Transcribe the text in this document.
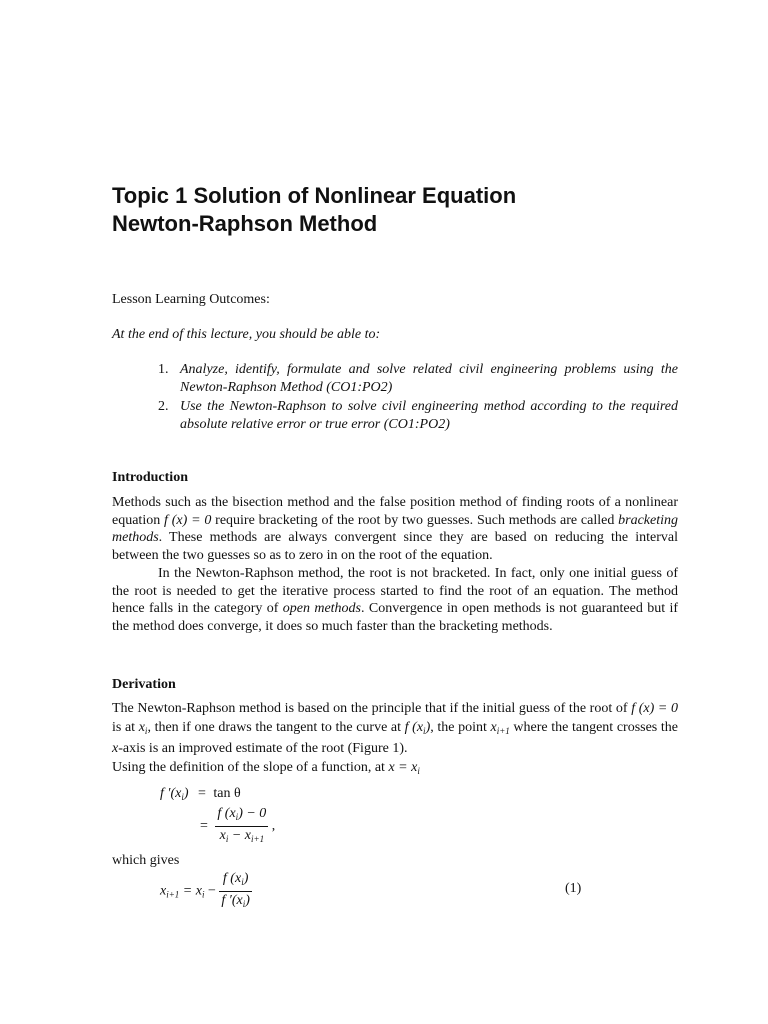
Topic 1 Solution of Nonlinear Equation
Newton-Raphson Method
Lesson Learning Outcomes:
At the end of this lecture, you should be able to:
1. Analyze, identify, formulate and solve related civil engineering problems using the Newton-Raphson Method (CO1:PO2)
2. Use the Newton-Raphson to solve civil engineering method according to the required absolute relative error or true error (CO1:PO2)
Introduction

Methods such as the bisection method and the false position method of finding roots of a nonlinear equation f (x) = 0 require bracketing of the root by two guesses. Such methods are called bracketing methods. These methods are always convergent since they are based on reducing the interval between the two guesses so as to zero in on the root of the equation.

In the Newton-Raphson method, the root is not bracketed. In fact, only one initial guess of the root is needed to get the iterative process started to find the root of an equation. The method hence falls in the category of open methods. Convergence in open methods is not guaranteed but if the method does converge, it does so much faster than the bracketing methods.

Derivation

The Newton-Raphson method is based on the principle that if the initial guess of the root of f (x) = 0 is at $x_i$, then if one draws the tangent to the curve at f $(x_i)$, the point $x_{i+1}$ where the tangent crosses the x-axis is an improved estimate of the root (Figure 1).

Using the definition of the slope of a function, at $x = x_i$

f $'(x_i) = \tan \theta$
= $\frac{f (x_i) - 0}{x_i - x_{i+1}}$ ,
which gives
$x_{i+1} = x_i - \frac{f (x_i)}{f '(x_i)}$	(1)
